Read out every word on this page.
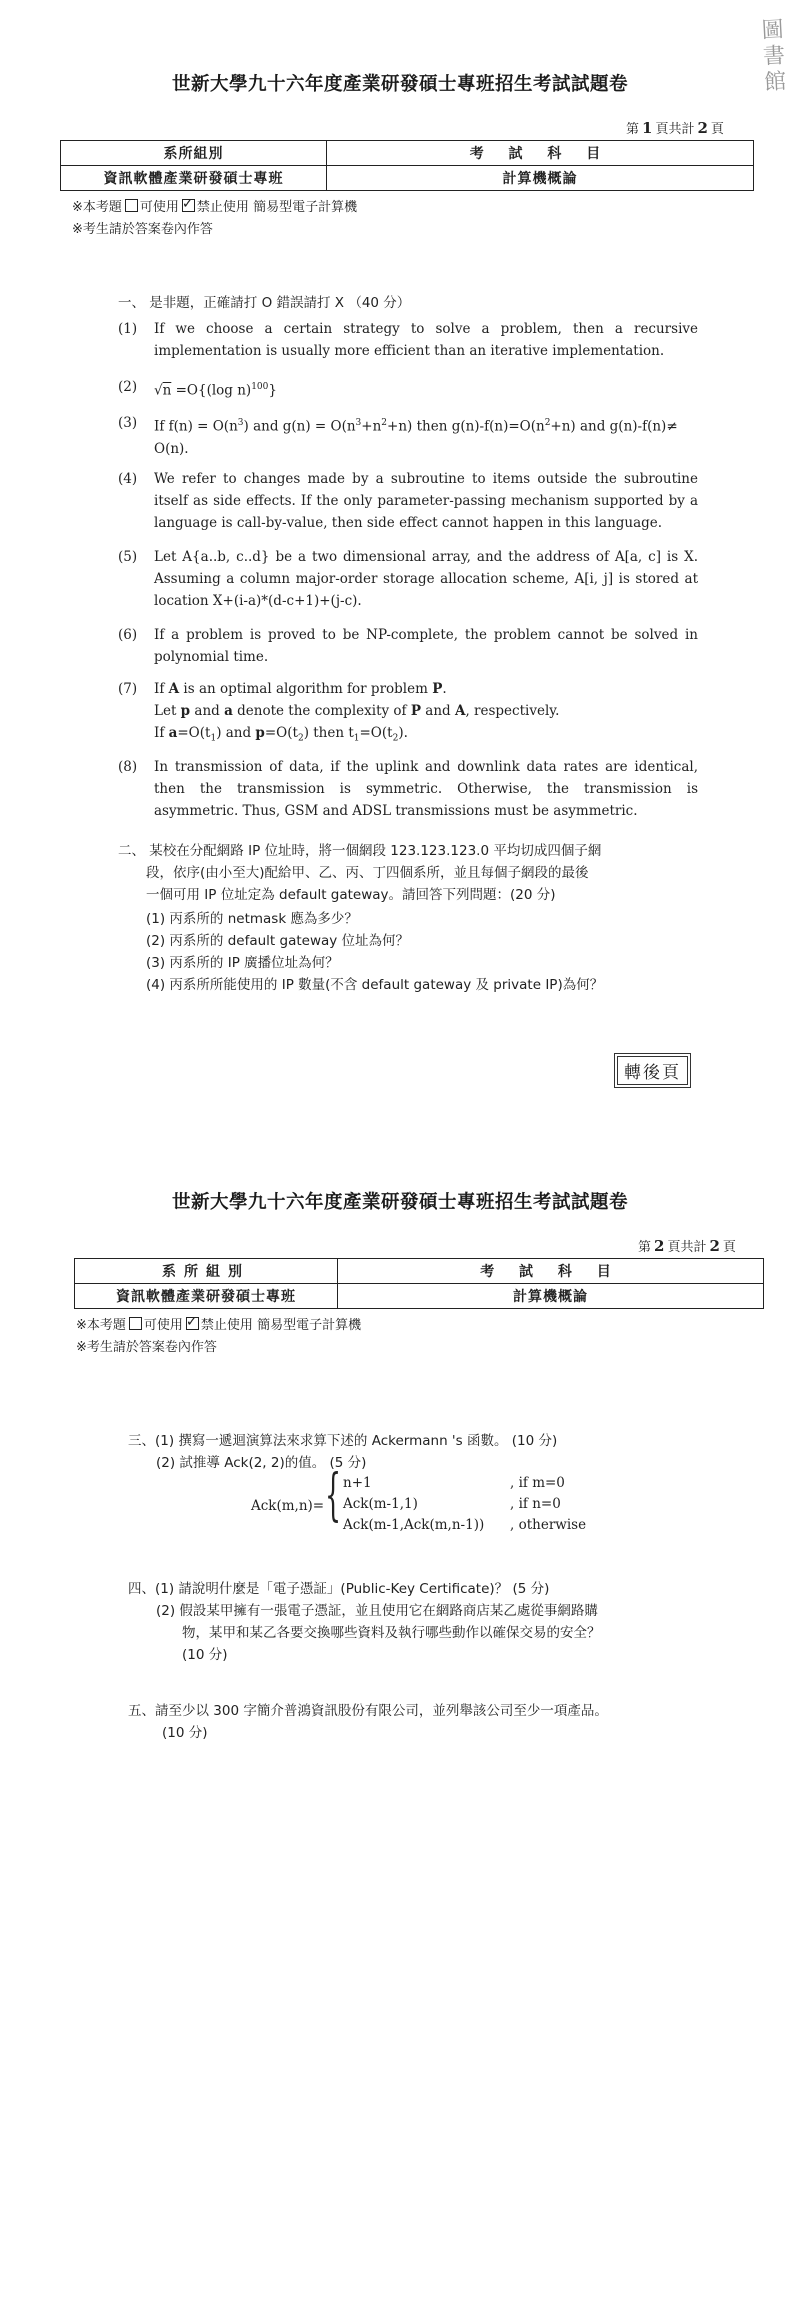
圖書館
世新大學九十六年度產業研發碩士專班招生考試試題卷
第 1 頁共計 2 頁
系所組別	考 試 科 目
資訊軟體產業研發碩士專班	計算機概論
※本考題 可使用 ✓ 禁止使用 簡易型電子計算機
※考生請於答案卷內作答
一、 是非題，正確請打 O 錯誤請打 X （40 分）
(1) If we choose a certain strategy to solve a problem, then a recursive implementation is usually more efficient than an iterative implementation.
(2) √n =O{(log n)$^{100}$}
(3) If $f(n) = O(n^3)$ and $g(n) = O(n^3+n^2+n)$ then $g(n)-f(n)=O(n^2+n)$ and g(n)-f(n)≠
O(n).
(4) We refer to changes made by a subroutine to items outside the subroutine itself as side effects. If the only parameter-passing mechanism supported by a language is call-by-value, then side effect cannot happen in this language.
(5) Let A{a..b, c..d} be a two dimensional array, and the address of A[a, c] is X. Assuming a column major-order storage allocation scheme, A[i, j] is stored at location X+(i-a)*(d-c+1)+(j-c).
(6) If a problem is proved to be NP-complete, the problem cannot be solved in polynomial time.
(7) If A is an optimal algorithm for problem P.
Let p and a denote the complexity of P and A, respectively.
If $a=O(t_1)$ and $p=O(t_2)$ then $t_1=O(t_2)$.
(8) In transmission of data, if the uplink and downlink data rates are identical, then the transmission is symmetric. Otherwise, the transmission is asymmetric. Thus, GSM and ADSL transmissions must be asymmetric.
二、 某校在分配網路 IP 位址時，將一個網段 123.123.123.0 平均切成四個子網
段，依序(由小至大)配給甲、乙、丙、丁四個系所，並且每個子網段的最後
一個可用 IP 位址定為 default gateway。請回答下列問題：(20 分)
(1) 丙系所的 netmask 應為多少？
(2) 丙系所的 default gateway 位址為何？
(3) 丙系所的 IP 廣播位址為何？
(4) 丙系所所能使用的 IP 數量(不含 default gateway 及 private IP)為何？
轉後頁
世新大學九十六年度產業研發碩士專班招生考試試題卷
第 2 頁共計 2 頁
系所組別	考 試 科 目
資訊軟體產業研發碩士專班	計算機概論
※本考題 可使用 ✓ 禁止使用 簡易型電子計算機
※考生請於答案卷內作答
三、(1) 撰寫一遞迴演算法來求算下述的 Ackermann 's 函數。 (10 分)
(2) 試推導 Ack(2, 2)的值。 (5 分)
Ack(m,n)= { n+1
Ack(m-1,1)
Ack(m-1,Ack(m,n-1))
, if m=0
, if n=0
, otherwise
四、(1) 請說明什麼是「電子憑証」(Public-Key Certificate)？ (5 分)
(2) 假設某甲擁有一張電子憑証，並且使用它在網路商店某乙處從事網路購
物，某甲和某乙各要交換哪些資料及執行哪些動作以確保交易的安全？
(10 分)
五、請至少以 300 字簡介普鴻資訊股份有限公司，並列舉該公司至少一項產品。
(10 分)
